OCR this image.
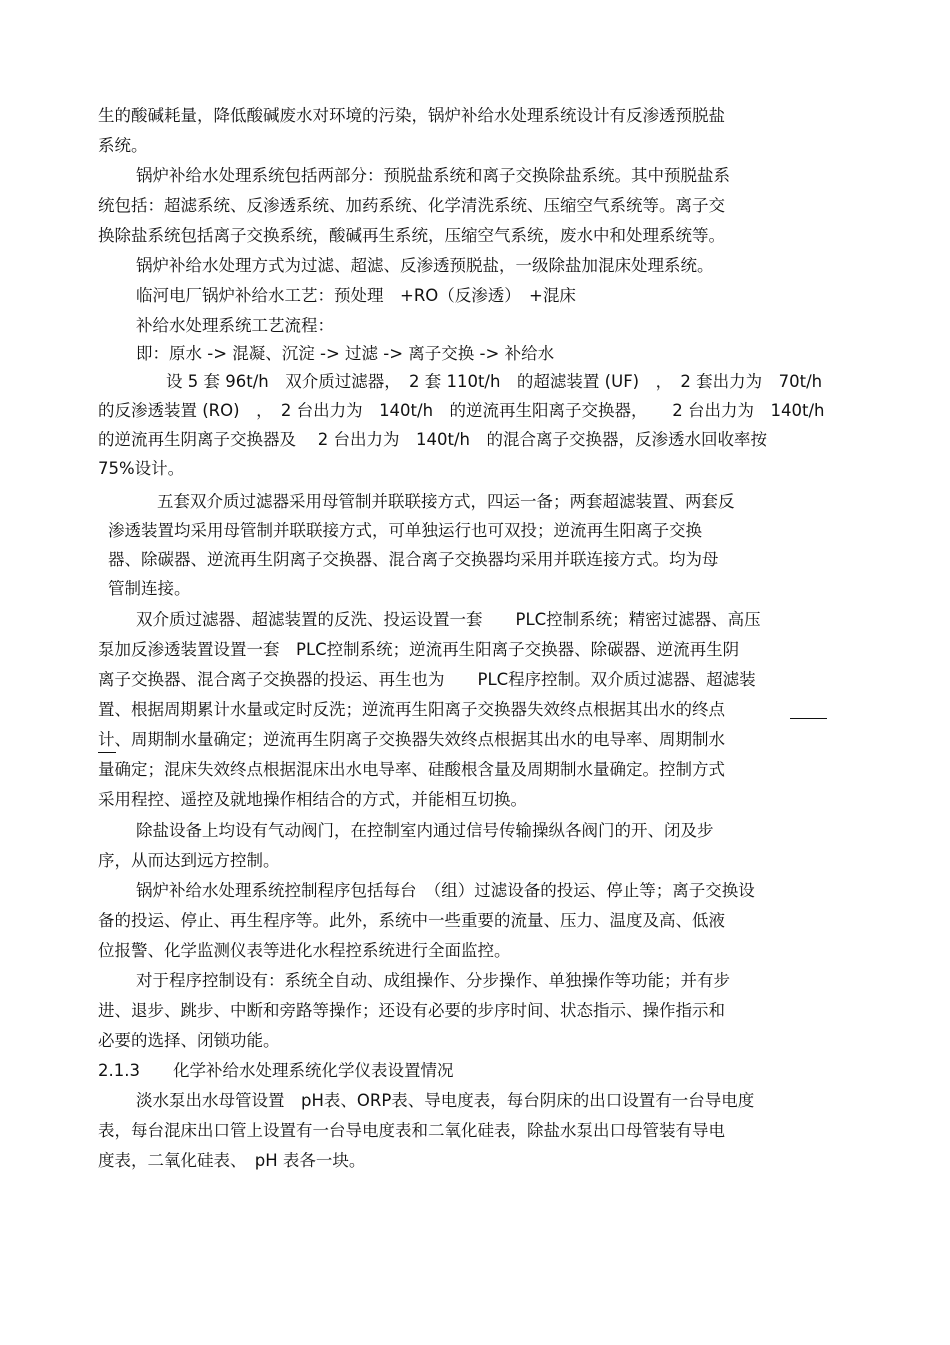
生的酸碱耗量，降低酸碱废水对环境的污染，锅炉补给水处理系统设计有反渗透预脱盐
系统。
锅炉补给水处理系统包括两部分：预脱盐系统和离子交换除盐系统。其中预脱盐系
统包括：超滤系统、反渗透系统、加药系统、化学清洗系统、压缩空气系统等。离子交
换除盐系统包括离子交换系统，酸碱再生系统，压缩空气系统，废水中和处理系统等。
锅炉补给水处理方式为过滤、超滤、反渗透预脱盐，一级除盐加混床处理系统。
临河电厂锅炉补给水工艺：预处理　+RO（反渗透）　+混床
补给水处理系统工艺流程：
即：原水 -> 混凝、沉淀 -> 过滤 -> 离子交换 -> 补给水
设 5 套 96t/h　双介质过滤器，　2 套 110t/h　的超滤装置 (UF)　，　2 套出力为　70t/h
的反渗透装置 (RO)　，　2 台出力为　140t/h　的逆流再生阳离子交换器，　　2 台出力为　140t/h
的逆流再生阴离子交换器及　 2 台出力为　140t/h　的混合离子交换器，反渗透水回收率按
75%设计。
五套双介质过滤器采用母管制并联联接方式，四运一备；两套超滤装置、两套反
渗透装置均采用母管制并联联接方式，可单独运行也可双投；逆流再生阳离子交换
器、除碳器、逆流再生阴离子交换器、混合离子交换器均采用并联连接方式。均为母
管制连接。
双介质过滤器、超滤装置的反洗、投运设置一套　　PLC控制系统；精密过滤器、高压
泵加反渗透装置设置一套　PLC控制系统；逆流再生阳离子交换器、除碳器、逆流再生阴
离子交换器、混合离子交换器的投运、再生也为　　PLC程序控制。双介质过滤器、超滤装
置、根据周期累计水量或定时反洗；逆流再生阳离子交换器失效终点根据其出水的终点
计、周期制水量确定；逆流再生阴离子交换器失效终点根据其出水的电导率、周期制水
量确定；混床失效终点根据混床出水电导率、硅酸根含量及周期制水量确定。控制方式
采用程控、遥控及就地操作相结合的方式，并能相互切换。
除盐设备上均设有气动阀门，在控制室内通过信号传输操纵各阀门的开、闭及步
序，从而达到远方控制。
锅炉补给水处理系统控制程序包括每台　（组）过滤设备的投运、停止等；离子交换设
备的投运、停止、再生程序等。此外，系统中一些重要的流量、压力、温度及高、低液
位报警、化学监测仪表等进化水程控系统进行全面监控。
对于程序控制设有：系统全自动、成组操作、分步操作、单独操作等功能；并有步
进、退步、跳步、中断和旁路等操作；还设有必要的步序时间、状态指示、操作指示和
必要的选择、闭锁功能。
2.1.3　　化学补给水处理系统化学仪表设置情况
淡水泵出水母管设置　pH表、ORP表、导电度表，每台阴床的出口设置有一台导电度
表，每台混床出口管上设置有一台导电度表和二氧化硅表，除盐水泵出口母管装有导电
度表，二氧化硅表、　pH 表各一块。
